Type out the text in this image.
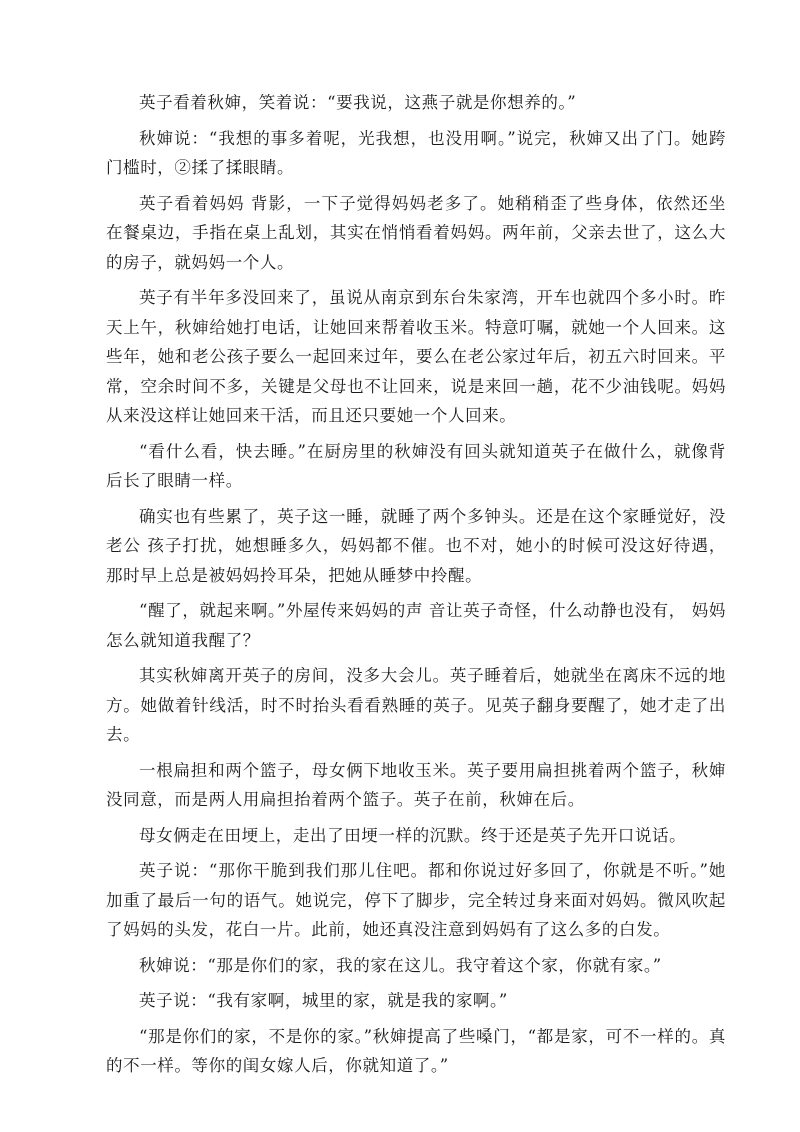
英子看着秋婶，笑着说：“要我说，这燕子就是你想养的。”

秋婶说：“我想的事多着呢，光我想，也没用啊。”说完，秋婶又出了门。她跨门槛时，②揉了揉眼睛。

英子看着妈妈 背影，一下子觉得妈妈老多了。她稍稍歪了些身体，依然还坐在餐桌边，手指在桌上乱划，其实在悄悄看着妈妈。两年前，父亲去世了，这么大的房子，就妈妈一个人。

英子有半年多没回来了，虽说从南京到东台朱家湾，开车也就四个多小时。昨天上午，秋婶给她打电话，让她回来帮着收玉米。特意叮嘱，就她一个人回来。这些年，她和老公孩子要么一起回来过年，要么在老公家过年后，初五六时回来。平常，空余时间不多，关键是父母也不让回来，说是来回一趟，花不少油钱呢。妈妈从来没这样让她回来干活，而且还只要她一个人回来。

“看什么看，快去睡。”在厨房里的秋婶没有回头就知道英子在做什么，就像背后长了眼睛一样。

确实也有些累了，英子这一睡，就睡了两个多钟头。还是在这个家睡觉好，没老公 孩子打扰，她想睡多久，妈妈都不催。也不对，她小的时候可没这好待遇，那时早上总是被妈妈拎耳朵，把她从睡梦中拎醒。

“醒了，就起来啊。”外屋传来妈妈的声 音让英子奇怪，什么动静也没有， 妈妈怎么就知道我醒了？

其实秋婶离开英子的房间，没多大会儿。英子睡着后，她就坐在离床不远的地方。她做着针线活，时不时抬头看看熟睡的英子。见英子翻身要醒了，她才走了出去。

一根扁担和两个篮子，母女俩下地收玉米。英子要用扁担挑着两个篮子，秋婶没同意，而是两人用扁担抬着两个篮子。英子在前，秋婶在后。

母女俩走在田埂上，走出了田埂一样的沉默。终于还是英子先开口说话。

英子说：“那你干脆到我们那儿住吧。都和你说过好多回了，你就是不听。”她加重了最后一句的语气。她说完，停下了脚步，完全转过身来面对妈妈。微风吹起了妈妈的头发，花白一片。此前，她还真没注意到妈妈有了这么多的白发。

秋婶说：“那是你们的家，我的家在这儿。我守着这个家，你就有家。”

英子说：“我有家啊，城里的家，就是我的家啊。”

“那是你们的家，不是你的家。”秋婶提高了些嗓门，“都是家，可不一样的。真的不一样。等你的闺女嫁人后，你就知道了。”
